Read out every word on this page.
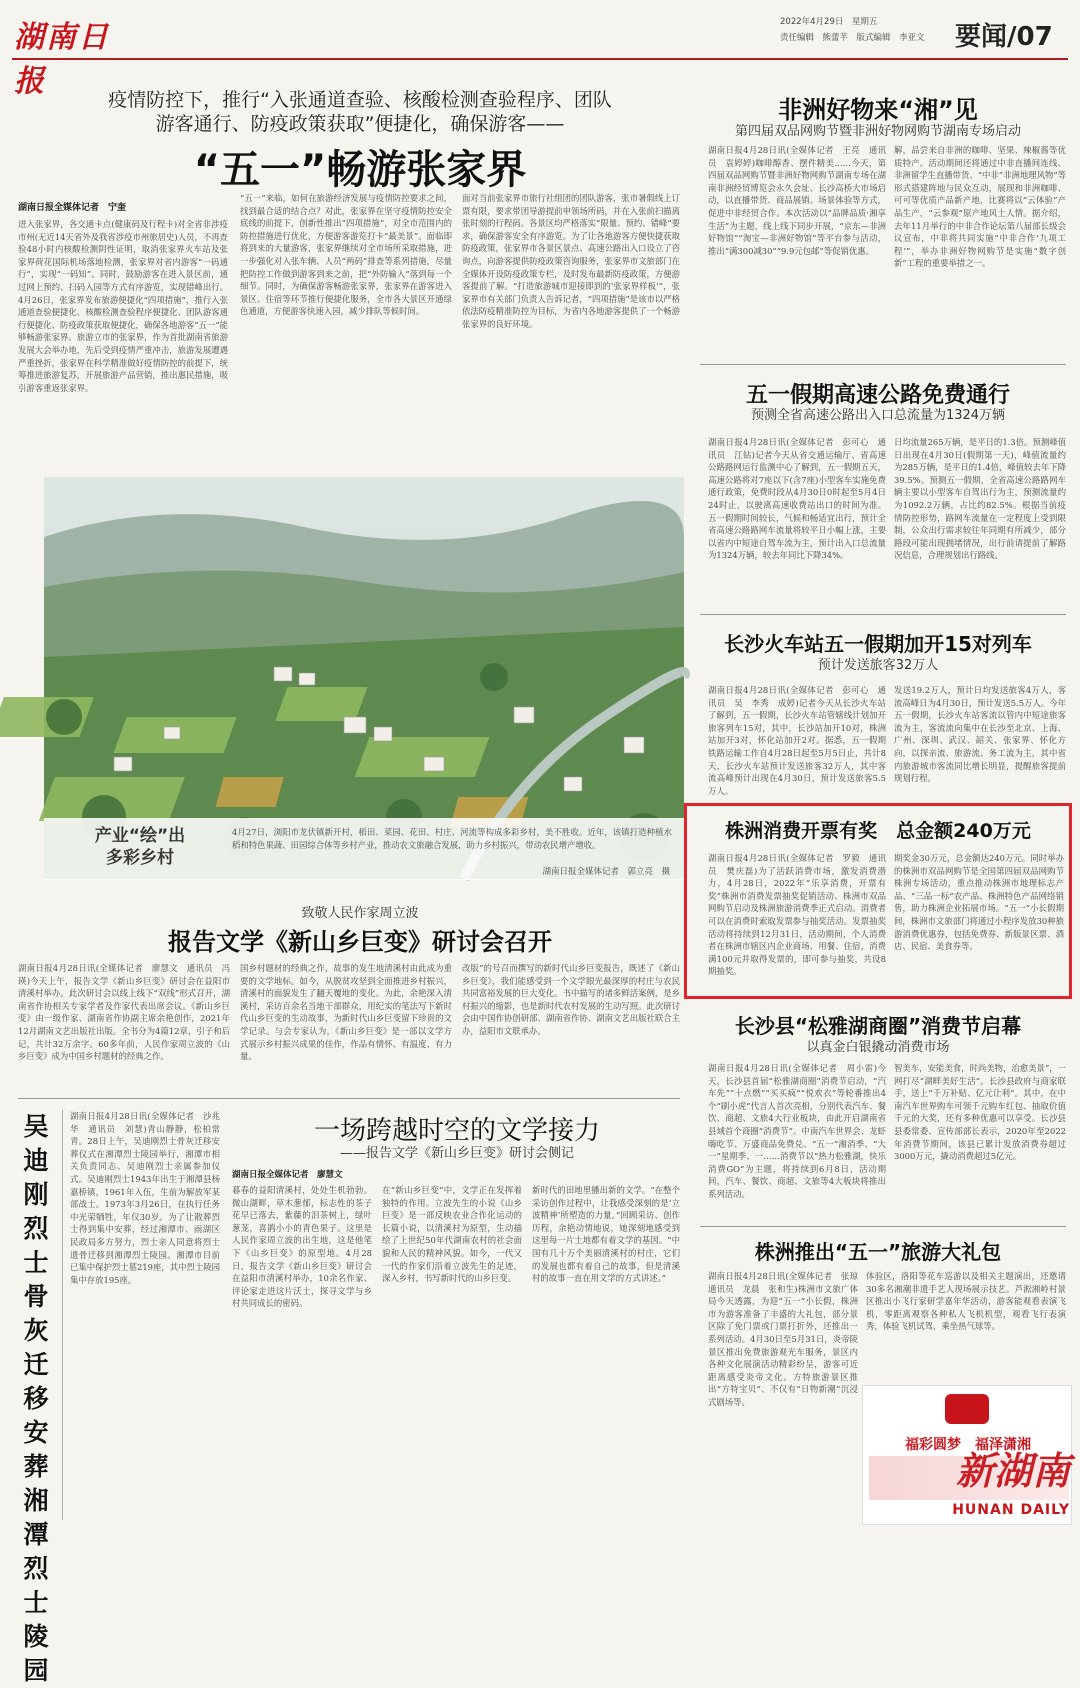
湖南日报
2022年4月29日　星期五
责任编辑　熊蕾芊　版式编辑　李亚文	要闻/07
疫情防控下，推行“入张通道查验、核酸检测查验程序、团队
游客通行、防疫政策获取”便捷化，确保游客——
“五一”畅游张家界
湖南日报全媒体记者　宁奎
进入张家界，各交通卡点(健康码及行程卡)对全省非涉疫市州(无近14天省外及我省涉疫市州旅居史)人员，不再查验48小时内核酸检测阴性证明，取消张家界火车站及张家界荷花国际机场落地检测，张家界对省内游客“一码通行”，实现“一码知”。同时，鼓励游客在进入景区前，通过网上预约、扫码入园等方式有序游览，实现错峰出行。4月26日，张家界发布旅游便捷化“四项措施”，推行入张通道查验便捷化、核酸检测查验程序便捷化、团队游客通行便捷化、防疫政策获取便捷化，确保各地游客“五一”能够畅游张家界。旅游立市的张家界，作为首批湖南省旅游发展大会举办地，先后受到疫情严重冲击，旅游发展遭遇严重挫折，张家界在科学精准做好疫情防控的前提下，统筹推进旅游复苏，开展旅游产品营销，推出惠民措施，吸引游客重返张家界。
“五一”来临，如何在旅游经济发展与疫情防控要求之间，找到最合适的结合点？对此，张家界在坚守疫情防控安全底线的前提下，创新性推出“四项措施”，对全市范围内的防控措施进行优化，方便游客游览打卡“最美景”。面临即将到来的大量游客，张家界继续对全市场所采取措施，进一步强化对入张车辆、人员“两码”排查等系列措施，尽量把防控工作做到游客到来之前，把“外防输入”落到每一个细节。同时，为确保游客畅游张家界，张家界在游客进入景区、住宿等环节推行便捷化服务，全市各大景区开通绿色通道，方便游客快速入园，减少排队等候时间。
面对当前张家界市旅行社组团的团队游客，张市暑假线上订票有限，要求带团导游提前申领场所码，并在入张前扫描离张时刻的行程码。各景区均严格落实“限量、预约、错峰”要求，确保游客安全有序游览。为了让各地游客方便快捷获取防疫政策，张家界市各景区景点、高速公路出入口设立了咨询点，向游客提供防疫政策咨询服务，张家界市文旅部门在全媒体开设防疫政策专栏，及时发布最新防疫政策，方便游客提前了解。“打造旅游城市迎接即到的‘张家界样板’”，张家界市有关部门负责人告诉记者，“四项措施”是该市以严格依法防疫精准防控为目标，为省内各地游客提供了一个畅游张家界的良好环境。
产业“绘”出
多彩乡村
4月27日，浏阳市龙伏镇新开村，稻田、菜园、花田、村庄、河流等构成多彩乡村，美不胜收。近年，该镇打造种植水稻和特色果蔬、田园综合体等乡村产业，推动农文旅融合发展，助力乡村振兴，带动农民增产增收。
湖南日报全媒体记者　郭立亮　摄
致敬人民作家周立波
报告文学《新山乡巨变》研讨会召开
湖南日报4月28日讯(全媒体记者　廖慧文　通讯员　冯瑛)今天上午，报告文学《新山乡巨变》研讨会在益阳市清溪村举办。此次研讨会以线上线下“双线”形式召开，湖南省作协相关专家学者及作家代表出席会议。《新山乡巨变》由一级作家、湖南省作协副主席余艳创作，2021年12月湖南文艺出版社出版。全书分为4篇12章，引子和后记，共计32万余字。60多年前，人民作家周立波的《山乡巨变》成为中国乡村题材的经典之作。
国乡村题材的经典之作，故事的发生地清溪村由此成为重要的文学地标。如今，从脱贫攻坚到全面推进乡村振兴，清溪村的面貌发生了翻天覆地的变化。为此，余艳深入清溪村，采访百余名当地干部群众，用纪实的笔法写下新时代山乡巨变的生动故事，为新时代山乡巨变留下珍贵的文学记录。与会专家认为，《新山乡巨变》是一部以文学方式展示乡村振兴成果的佳作，作品有情怀、有温度、有力量。
改版”的号召而撰写的新时代山乡巨变报告，既述了《新山乡巨变》，我们能感受到一个文学眼光最深厚的村庄与农民共同富裕发展的巨大变化。书中描写的诸多鲜活案例，是乡村振兴的缩影，也是新时代农村发展的生动写照。此次研讨会由中国作协创研部、湖南省作协、湖南文艺出版社联合主办，益阳市文联承办。
吴迪刚烈士骨灰迁移安葬湘潭烈士陵园
湖南日报4月28日讯(全媒体记者　沙兆华　通讯员　刘慧)青山静静，松柏常青。28日上午，吴迪刚烈士骨灰迁移安葬仪式在湘潭烈士陵园举行，湘潭市相关负责同志、吴迪刚烈士亲属参加仪式。吴迪刚烈士1943年出生于湘潭县杨嘉桥镇，1961年入伍，生前为解放军某部战士。1973年3月26日，在执行任务中光荣牺牲，年仅30岁。为了让散葬烈士得到集中安葬，经过湘潭市、雨湖区民政局多方努力，烈士亲人同意将烈士遗骨迁移到湘潭烈士陵园。湘潭市目前已集中保护烈士墓219座，其中烈士陵园集中存放195座。
一场跨越时空的文学接力
——报告文学《新山乡巨变》研讨会侧记
湖南日报全媒体记者　廖慧文
暮春的益阳清溪村，处处生机勃勃。微山湖畔，草木葱郁，标志性的茶子花早已落去，紫藤的泪茶树上，绿叶葱茏，喜鹊小小的青色果子。这里是人民作家周立波的出生地，这是他笔下《山乡巨变》的原型地。4月28日，报告文学《新山乡巨变》研讨会在益阳市清溪村举办，10余名作家、评论家走进这片沃土，探寻文学与乡村共同成长的密码。
在“新山乡巨变”中，文学正在发挥着独特的作用。立波先生的小说《山乡巨变》是一部反映农业合作化运动的长篇小说，以清溪村为原型，生动描绘了上世纪50年代湖南农村的社会面貌和人民的精神风貌。如今，一代又一代的作家们沿着立波先生的足迹，深入乡村，书写新时代的山乡巨变。
新时代的田地里播出新的文学。“在整个采访创作过程中，让我感受深刻的是‘立波精神’所塑造的力量。”回顾采访、创作历程，余艳动情地说，她深刻地感受到这里每一片土地都有着文学的基因。“中国有几十万个美丽清溪村的村庄，它们的发展也都有着自己的故事，但是清溪村的故事一直在用文学的方式讲述。”
非洲好物来“湘”见
第四届双品网购节暨非洲好物网购节湖南专场启动
湖南日报4月28日讯(全媒体记者　王亮　通讯员　袁婷婷)咖啡醇香、摆件精美……今天，第四届双品网购节暨非洲好物网购节湖南专场在湖南非洲经贸博览会永久会址、长沙高桥大市场启动，以直播带货、商品展销、场景体验等方式，促进中非经贸合作。本次活动以“品牌品质·湘享生活”为主题，线上线下同步开展，“京东—非洲好物馆”“淘宝—非洲好物馆”等平台参与活动，推出“满300减30”“9.9元包邮”等促销优惠。
解，品尝来自非洲的咖啡、坚果、辣椒酱等优质特产。活动期间还将通过中非直播间连线、非洲留学生直播带货、“中非”非洲地理风物”等形式搭建阵地与民众互动，展现和非洲咖啡、可可等优质产品新产地，比赛将以“云体验”产品生产，“云参观”原产地风土人情。据介绍，去年11月举行的中非合作论坛第八届部长级会议宣布，中非将共同实施“中非合作‘九项工程’”，举办非洲好物网购节是实施“数字创新”工程的重要举措之一。
五一假期高速公路免费通行
预测全省高速公路出入口总流量为1324万辆
湖南日报4月28日讯(全媒体记者　彭可心　通讯员　江钻)记者今天从省交通运输厅、省高速公路路网运行监测中心了解到，五一假期五天，高速公路将对7座以下(含7座)小型客车实施免费通行政策，免费时段从4月30日0时起至5月4日24时止，以驶离高速收费站出口的时间为准。五一假期时间较长，气候和畅适宜出行，预计全省高速公路路网车流量将较平日小幅上涨，主要以省内中短途自驾车流为主，预计出入口总流量为1324万辆，较去年同比下降34%。
日均流量265万辆，是平日的1.3倍。预测峰值日出现在4月30日(假期第一天)，峰值流量约为285万辆，是平日的1.4倍，峰值较去年下降39.5%。预测五一假期，全省高速公路路网车辆主要以小型客车自驾出行为主，预测流量约为1092.2万辆，占比约82.5%。根据当前疫情防控形势，路网车流量在一定程度上受到限制，公众出行需求较往年同期有所减少，部分路段可能出现拥堵情况，出行前请提前了解路况信息，合理规划出行路线。
长沙火车站五一假期加开15对列车
预计发送旅客32万人
湖南日报4月28日讯(全媒体记者　彭可心　通讯员　吴　李秀　成婷)记者今天从长沙火车站了解到，五一假期，长沙火车站管辖线计划加开旅客列车15对，其中，长沙站加开10对，株洲站加开3对，怀化站加开2对。据悉，五一假期铁路运输工作自4月28日起至5月5日止，共计8天，长沙火车站预计发送旅客32万人，其中客流高峰预计出现在4月30日，预计发送旅客5.5万人。
发送19.2万人，预计日均发送旅客4万人，客流高峰日为4月30日，预计发送5.5万人。今年五一假期，长沙火车站客流以管内中短途旅客流为主，客流流向集中在长沙至北京、上海、广州、深圳、武汉、韶关、张家界、怀化方向，以探亲流、旅游流、务工流为主，其中省内旅游城市客流同比增长明显，提醒旅客提前规划行程。
株洲消费开票有奖　总金额240万元
湖南日报4月28日讯(全媒体记者　罗毅　通讯员　樊庆磊)为了活跃消费市场，激发消费潜力，4月28日，2022年“乐享消费，开票有奖”株洲市消费发票抽奖促销活动、株洲市双品网购节启动及株洲旅游消费季正式启动。消费者可以在消费时索取发票参与抽奖活动。发票抽奖活动将持续到12月31日，活动期间，个人消费者在株洲市辖区内企业商场、用餐、住宿，消费满100元并取得发票的，即可参与抽奖，共设8期抽奖。
期奖金30万元，总金额达240万元。同时举办的株洲市双品网购节是全国第四届双品网购节株洲专场活动，重点推动株洲市地理标志产品、“三品一标”农产品、株洲特色产品网络销售，助力株洲企业拓展市场。“五一”小长假期间，株洲市文旅部门将通过小程序发放30种旅游消费优惠券，包括免费券、新版景区票、酒店、民宿、美食券等。
长沙县“松雅湖商圈”消费节启幕
以真金白银撬动消费市场
湖南日报4月28日讯(全媒体记者　周小雷)今天，长沙县首届“松雅湖商圈”消费节启动，“汽车先”“十点燃”“买买疯”“悦欢衣”等轮番推出4个“刷小虎”代言人首次亮相，分别代表汽车、餐饮、商超、文旅4大行业板块，由此开启湖南省县域首个商圈“消费节”。中南汽车世界会、龙虾嗨吃节、万盛商品免费兑、“五一”湘消季、“大一”星期季、一……消费节以“热力松雅湖，快乐消费GO”为主题，将持续到6月8日，活动期间，汽车、餐饮、商超、文旅等4大板块将推出系列活动。
智美车，安能美食，时尚美物，治愈美景”，一网打尽“湖畔美好生活”。长沙县政府与商家联手，送上“千万补贴、亿元让利”。其中，在中南汽车世界购车可领千元购车红包、抽取价值千元的大奖，还有多种优惠可以享受。长沙县县委常委、宣传部部长表示，2020年至2022年消费节期间，该县已累计发放消费券超过3000万元，撬动消费超过5亿元。
株洲推出“五一”旅游大礼包
湖南日报4月28日讯(全媒体记者　张琼　通讯员　龙晨　张和生)株洲市文旅广体局今天透露，为迎“五一”小长假，株洲市为游客准备了丰盛的大礼包，部分景区除了免门票或门票打折外，还推出一系列活动。4月30日至5月31日，炎帝陵景区推出免费旅游观光车服务，景区内各种文化展演活动精彩纷呈，游客可近距离感受炎帝文化。方特旅游景区推出“方特宝贝”、不仅有“日物新潮”沉浸式剧场等。
体验区，洛阳等花车巡游以及相关主题演出，还邀请30多名湘潮非遗手艺人现场展示技艺。芦淞湘岭村景区推出小飞行家研学嘉年华活动，游客能观看表演飞机，零距离观察各种私人飞机机型，观看飞行表演秀，体验飞机试驾，乘坐热气球等。
福彩圆梦　福泽潇湘
新湖南
HUNAN DAILY
